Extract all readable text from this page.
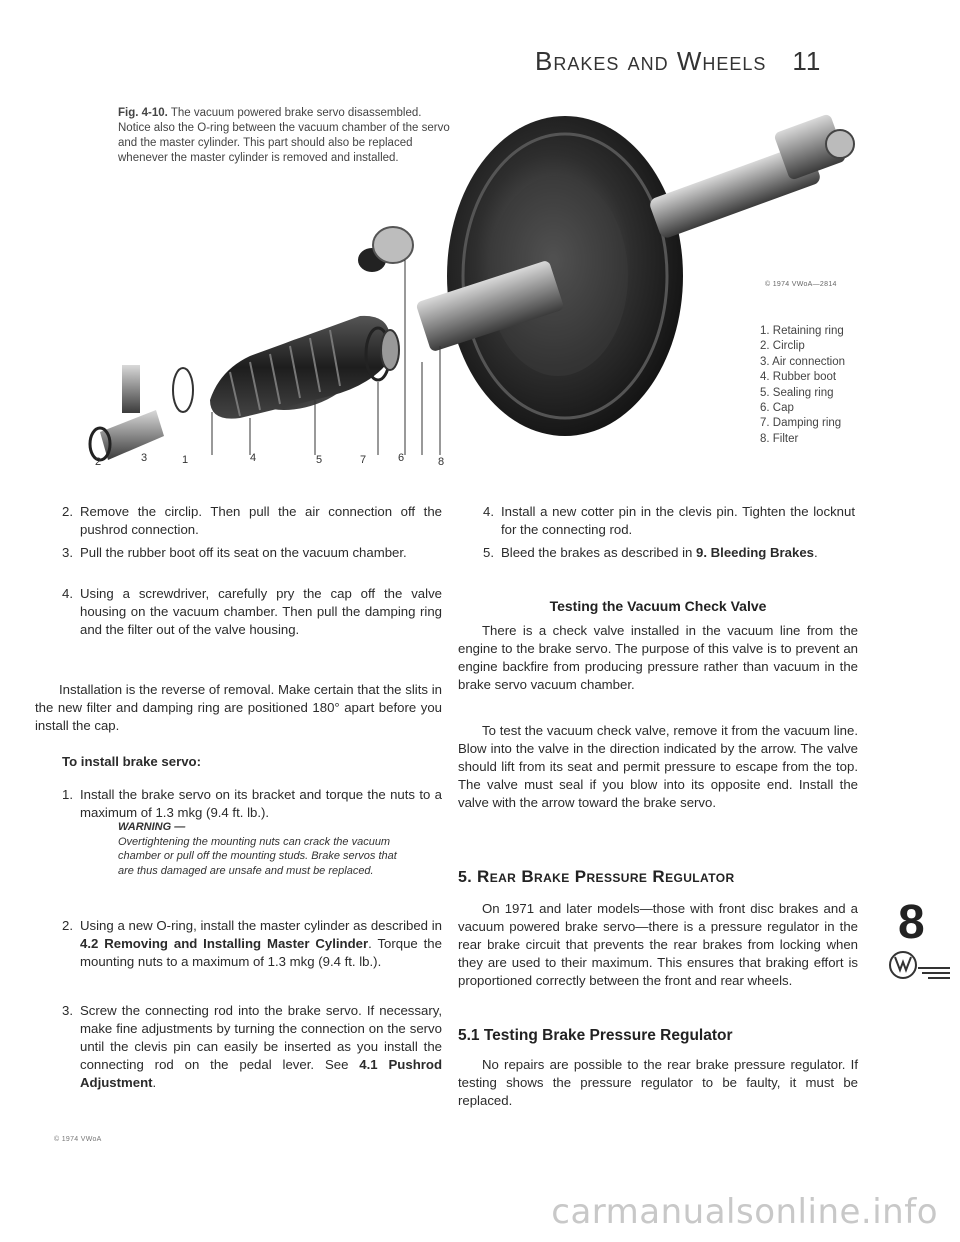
Brakes and Wheels 11
Fig. 4-10. The vacuum powered brake servo disassembled. Notice also the O-ring between the vacuum chamber of the servo and the master cylinder. This part should also be replaced whenever the master cylinder is removed and installed.
© 1974 VWoA—2814
2	3	1	4	5	7	6	8
1. Retaining ring
2. Circlip
3. Air connection
4. Rubber boot
5. Sealing ring
6. Cap
7. Damping ring
8. Filter
2. Remove the circlip. Then pull the air connection off the pushrod connection.
3. Pull the rubber boot off its seat on the vacuum chamber.
4. Using a screwdriver, carefully pry the cap off the valve housing on the vacuum chamber. Then pull the damping ring and the filter out of the valve housing.
Installation is the reverse of removal. Make certain that the slits in the new filter and damping ring are positioned 180° apart before you install the cap.
To install brake servo:
1. Install the brake servo on its bracket and torque the nuts to a maximum of 1.3 mkg (9.4 ft. lb.).
WARNING —
Overtightening the mounting nuts can crack the vacuum chamber or pull off the mounting studs. Brake servos that are thus damaged are unsafe and must be replaced.
2. Using a new O-ring, install the master cylinder as described in 4.2 Removing and Installing Master Cylinder. Torque the mounting nuts to a maximum of 1.3 mkg (9.4 ft. lb.).
3. Screw the connecting rod into the brake servo. If necessary, make fine adjustments by turning the connection on the servo until the clevis pin can easily be inserted as you install the connecting rod on the pedal lever. See 4.1 Pushrod Adjustment.
© 1974 VWoA
4. Install a new cotter pin in the clevis pin. Tighten the locknut for the connecting rod.
5. Bleed the brakes as described in 9. Bleeding Brakes.
Testing the Vacuum Check Valve
There is a check valve installed in the vacuum line from the engine to the brake servo. The purpose of this valve is to prevent an engine backfire from producing pressure rather than vacuum in the brake servo vacuum chamber.
To test the vacuum check valve, remove it from the vacuum line. Blow into the valve in the direction indicated by the arrow. The valve should lift from its seat and permit pressure to escape from the top. The valve must seal if you blow into its opposite end. Install the valve with the arrow toward the brake servo.
5. Rear Brake Pressure Regulator
On 1971 and later models—those with front disc brakes and a vacuum powered brake servo—there is a pressure regulator in the rear brake circuit that prevents the rear brakes from locking when they are used to their maximum. This ensures that braking effort is proportioned correctly between the front and rear wheels.
5.1 Testing Brake Pressure Regulator
No repairs are possible to the rear brake pressure regulator. If testing shows the pressure regulator to be faulty, it must be replaced.
8
carmanualsonline.info
